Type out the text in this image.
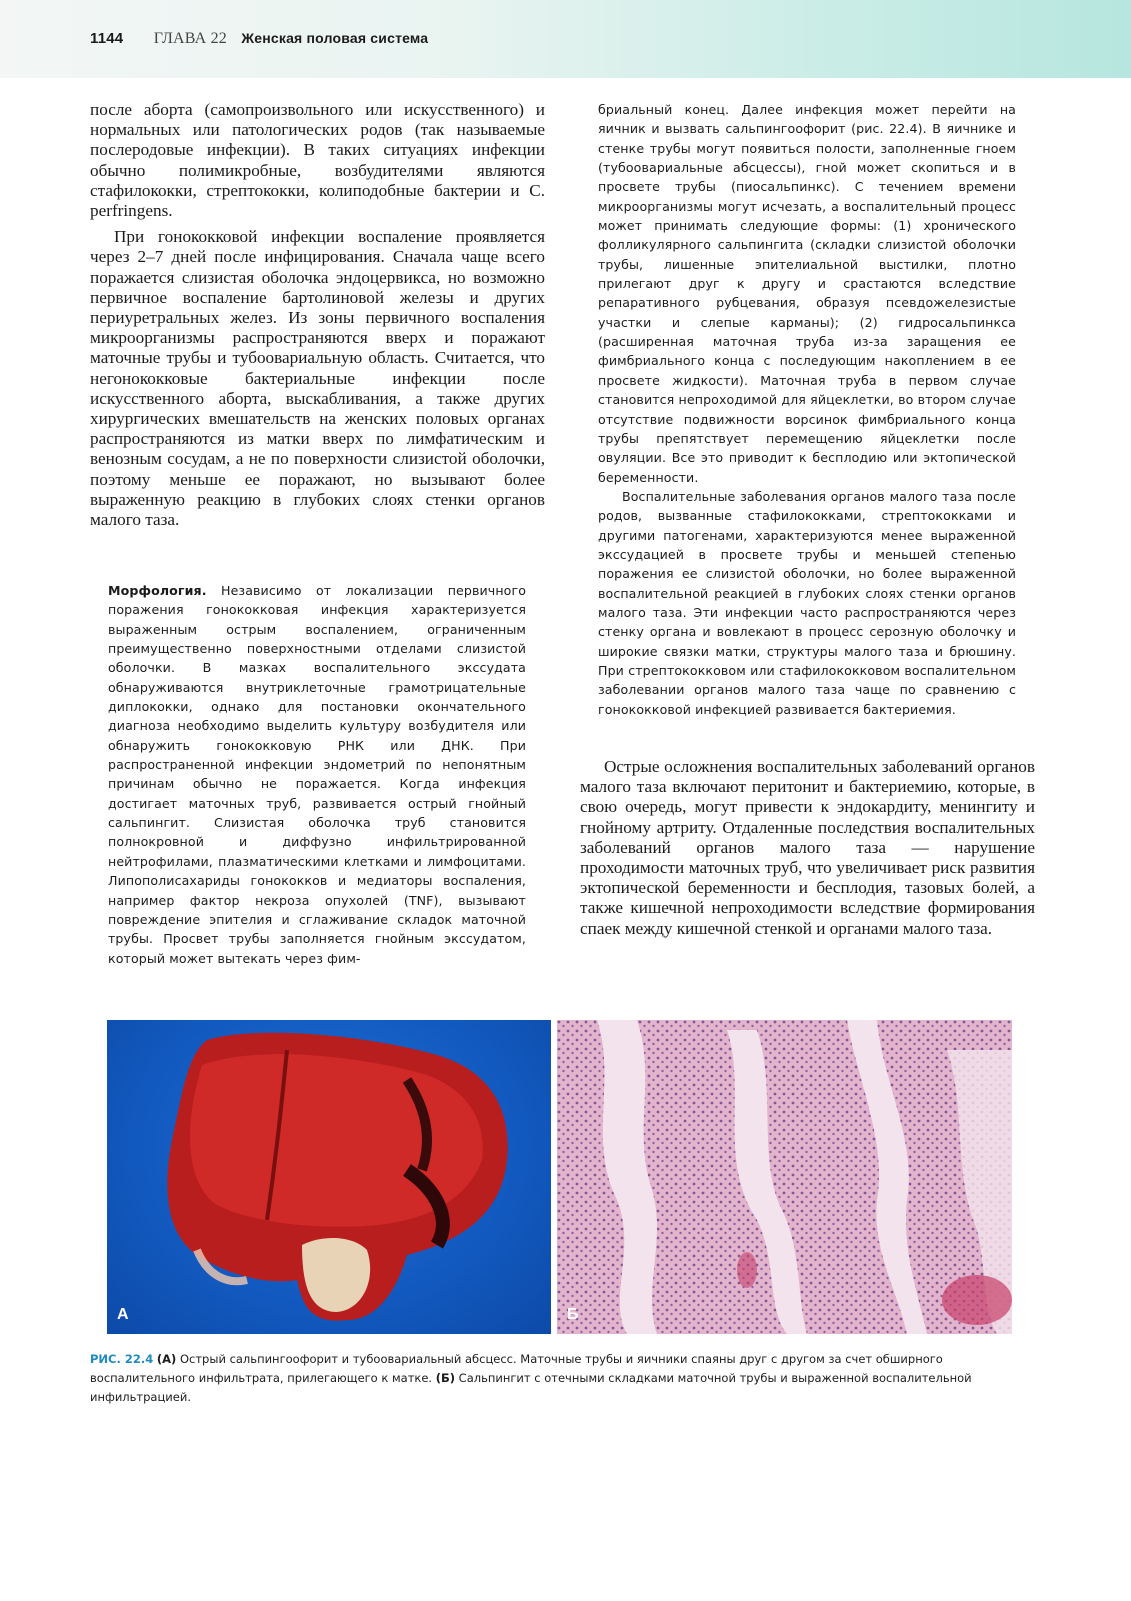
1144 ГЛАВА 22 Женская половая система

после аборта (самопроизвольного или искусственного) и нормальных или патологических родов (так называемые послеродовые инфекции). В таких ситуациях инфекции обычно полимикробные, возбудителями являются стафилококки, стрептококки, колиподобные бактерии и C. perfringens.

При гонококковой инфекции воспаление проявляется через 2–7 дней после инфицирования. Сначала чаще всего поражается слизистая оболочка эндоцервикса, но возможно первичное воспаление бартолиновой железы и других периуретральных желез. Из зоны первичного воспаления микроорганизмы распространяются вверх и поражают маточные трубы и тубоовариальную область. Считается, что негонококковые бактериальные инфекции после искусственного аборта, выскабливания, а также других хирургических вмешательств на женских половых органах распространяются из матки вверх по лимфатическим и венозным сосудам, а не по поверхности слизистой оболочки, поэтому меньше ее поражают, но вызывают более выраженную реакцию в глубоких слоях стенки органов малого таза.

Морфология. Независимо от локализации первичного поражения гонококковая инфекция характеризуется выраженным острым воспалением, ограниченным преимущественно поверхностными отделами слизистой оболочки. В мазках воспалительного экссудата обнаруживаются внутриклеточные грамотрицательные диплококки, однако для постановки окончательного диагноза необходимо выделить культуру возбудителя или обнаружить гонококковую РНК или ДНК. При распространенной инфекции эндометрий по непонятным причинам обычно не поражается. Когда инфекция достигает маточных труб, развивается острый гнойный сальпингит. Слизистая оболочка труб становится полнокровной и диффузно инфильтрированной нейтрофилами, плазматическими клетками и лимфоцитами. Липополисахариды гонококков и медиаторы воспаления, например фактор некроза опухолей (TNF), вызывают повреждение эпителия и сглаживание складок маточной трубы. Просвет трубы заполняется гнойным экссудатом, который может вытекать через фим-

бриальный конец. Далее инфекция может перейти на яичник и вызвать сальпингоофорит (рис. 22.4). В яичнике и стенке трубы могут появиться полости, заполненные гноем (тубоовариальные абсцессы), гной может скопиться и в просвете трубы (пиосальпинкс). С течением времени микроорганизмы могут исчезать, а воспалительный процесс может принимать следующие формы: (1) хронического фолликулярного сальпингита (складки слизистой оболочки трубы, лишенные эпителиальной выстилки, плотно прилегают друг к другу и срастаются вследствие репаративного рубцевания, образуя псевдожелезистые участки и слепые карманы); (2) гидросальпинкса (расширенная маточная труба из-за заращения ее фимбриального конца с последующим накоплением в ее просвете жидкости). Маточная труба в первом случае становится непроходимой для яйцеклетки, во втором случае отсутствие подвижности ворсинок фимбриального конца трубы препятствует перемещению яйцеклетки после овуляции. Все это приводит к бесплодию или эктопической беременности.

Воспалительные заболевания органов малого таза после родов, вызванные стафилококками, стрептококками и другими патогенами, характеризуются менее выраженной экссудацией в просвете трубы и меньшей степенью поражения ее слизистой оболочки, но более выраженной воспалительной реакцией в глубоких слоях стенки органов малого таза. Эти инфекции часто распространяются через стенку органа и вовлекают в процесс серозную оболочку и широкие связки матки, структуры малого таза и брюшину. При стрептококковом или стафилококковом воспалительном заболевании органов малого таза чаще по сравнению с гонококковой инфекцией развивается бактериемия.

Острые осложнения воспалительных заболеваний органов малого таза включают перитонит и бактериемию, которые, в свою очередь, могут привести к эндокардиту, менингиту и гнойному артриту. Отдаленные последствия воспалительных заболеваний органов малого таза — нарушение проходимости маточных труб, что увеличивает риск развития эктопической беременности и бесплодия, тазовых болей, а также кишечной непроходимости вследствие формирования спаек между кишечной стенкой и органами малого таза.

А	Б
РИС. 22.4 (А) Острый сальпингоофорит и тубоовариальный абсцесс. Маточные трубы и яичники спаяны друг с другом за счет обширного воспалительного инфильтрата, прилегающего к матке. (Б) Сальпингит с отечными складками маточной трубы и выраженной воспалительной инфильтрацией.
